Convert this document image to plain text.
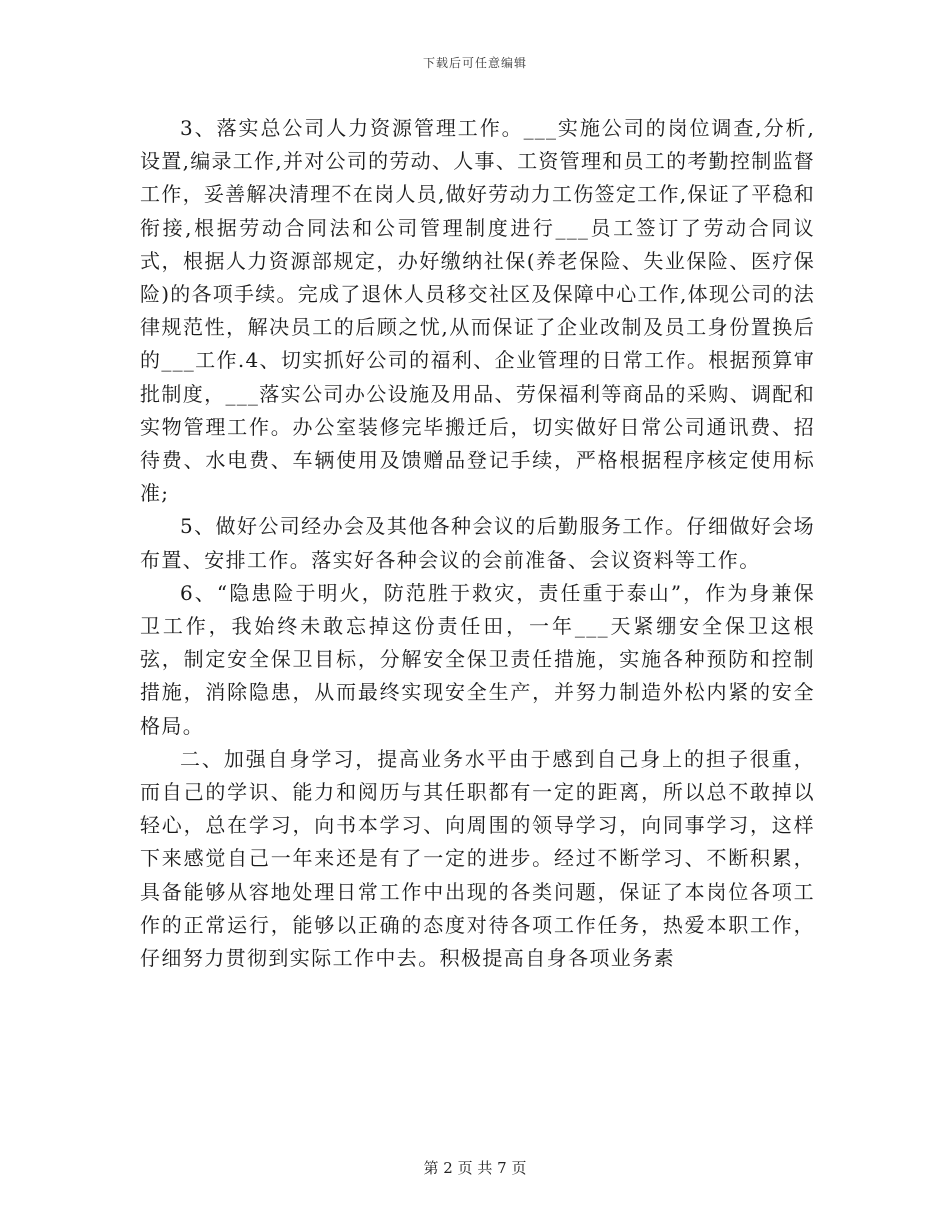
下载后可任意编辑

3、落实总公司人力资源管理工作。___实施公司的岗位调查,分析,设置,编录工作,并对公司的劳动、人事、工资管理和员工的考勤控制监督工作，妥善解决清理不在岗人员,做好劳动力工伤签定工作,保证了平稳和衔接,根据劳动合同法和公司管理制度进行___员工签订了劳动合同议式，根据人力资源部规定，办好缴纳社保(养老保险、失业保险、医疗保险)的各项手续。完成了退休人员移交社区及保障中心工作,体现公司的法律规范性，解决员工的后顾之忧,从而保证了企业改制及员工身份置换后的___工作.4、切实抓好公司的福利、企业管理的日常工作。根据预算审批制度，___落实公司办公设施及用品、劳保福利等商品的采购、调配和实物管理工作。办公室装修完毕搬迁后，切实做好日常公司通讯费、招待费、水电费、车辆使用及馈赠品登记手续，严格根据程序核定使用标准;

5、做好公司经办会及其他各种会议的后勤服务工作。仔细做好会场布置、安排工作。落实好各种会议的会前准备、会议资料等工作。

6、“隐患险于明火，防范胜于救灾，责任重于泰山”，作为身兼保卫工作，我始终未敢忘掉这份责任田，一年___天紧绷安全保卫这根弦，制定安全保卫目标，分解安全保卫责任措施，实施各种预防和控制措施，消除隐患，从而最终实现安全生产，并努力制造外松内紧的安全格局。

二、加强自身学习，提高业务水平由于感到自己身上的担子很重，而自己的学识、能力和阅历与其任职都有一定的距离，所以总不敢掉以轻心，总在学习，向书本学习、向周围的领导学习，向同事学习，这样下来感觉自己一年来还是有了一定的进步。经过不断学习、不断积累，具备能够从容地处理日常工作中出现的各类问题，保证了本岗位各项工作的正常运行，能够以正确的态度对待各项工作任务，热爱本职工作，仔细努力贯彻到实际工作中去。积极提高自身各项业务素

第 2 页 共 7 页
